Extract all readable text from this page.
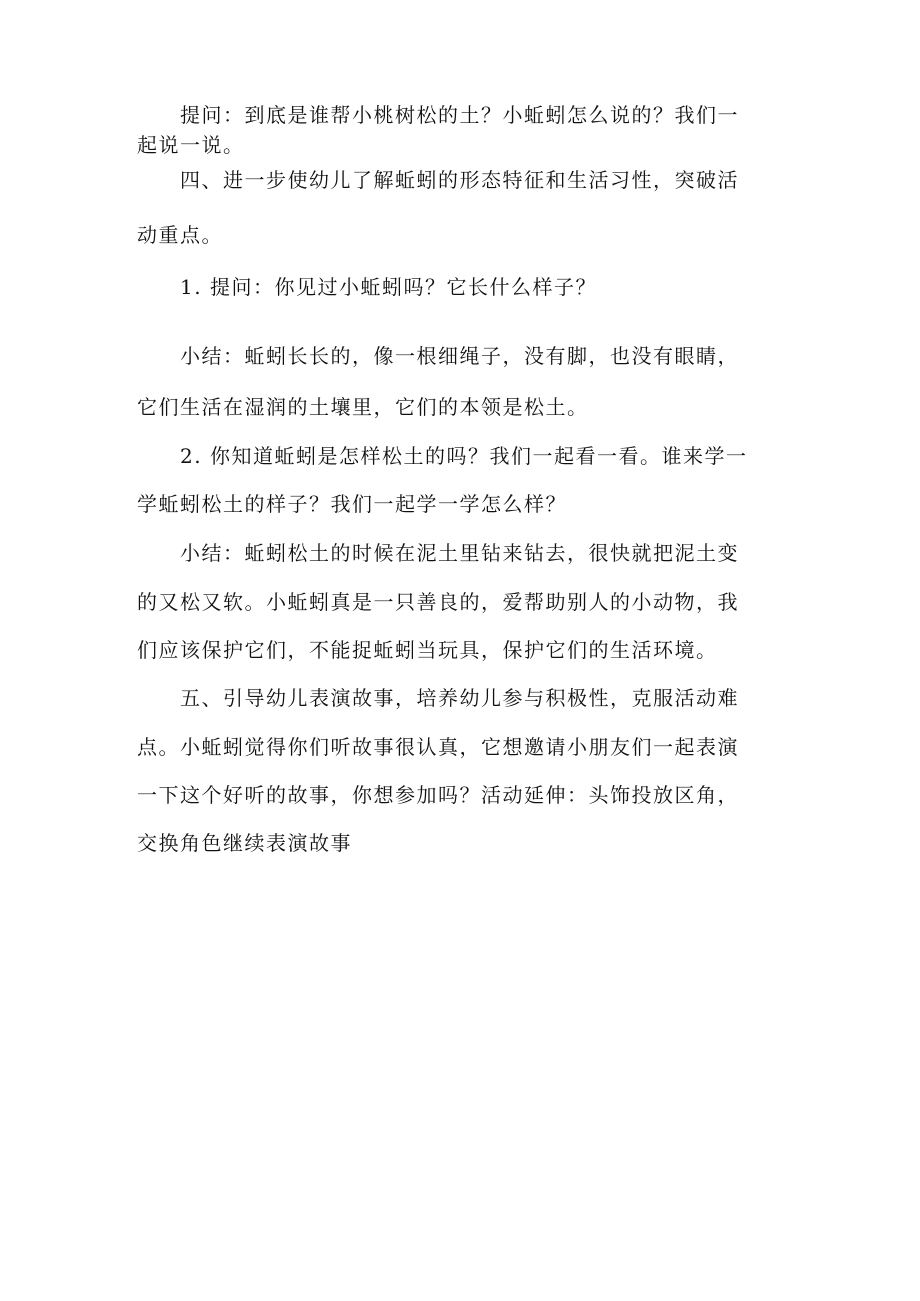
　　提问：到底是谁帮小桃树松的土？小蚯蚓怎么说的？我们一
起说一说。
　　四、进一步使幼儿了解蚯蚓的形态特征和生活习性，突破活
动重点。
　　1. 提问：你见过小蚯蚓吗？它长什么样子？
　　小结：蚯蚓长长的，像一根细绳子，没有脚，也没有眼睛，
它们生活在湿润的土壤里，它们的本领是松土。
　　2. 你知道蚯蚓是怎样松土的吗？我们一起看一看。谁来学一
学蚯蚓松土的样子？我们一起学一学怎么样？
　　小结：蚯蚓松土的时候在泥土里钻来钻去，很快就把泥土变
的又松又软。小蚯蚓真是一只善良的，爱帮助别人的小动物，我
们应该保护它们，不能捉蚯蚓当玩具，保护它们的生活环境。
　　五、引导幼儿表演故事，培养幼儿参与积极性，克服活动难
点。小蚯蚓觉得你们听故事很认真，它想邀请小朋友们一起表演
一下这个好听的故事，你想参加吗？活动延伸：头饰投放区角，
交换角色继续表演故事
